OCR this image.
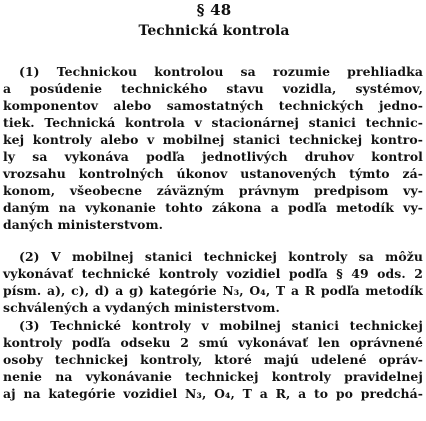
§ 48
Technická kontrola
(1) Technickou kontrolou sa rozumie prehliadka
a posúdenie technického stavu vozidla, systémov,
komponentov alebo samostatných technických jedno-
tiek. Technická kontrola v stacionárnej stanici technic-
kej kontroly alebo v mobilnej stanici technickej kontro-
ly sa vykonáva podľa jednotlivých druhov kontrol
vrozsahu kontrolných úkonov ustanovených týmto zá-
konom, všeobecne záväzným právnym predpisom vy-
daným na vykonanie tohto zákona a podľa metodík vy-
daných ministerstvom.
(2) V mobilnej stanici technickej kontroly sa môžu
vykonávať technické kontroly vozidiel podľa § 49 ods. 2
písm. a), c), d) a g) kategórie N₃, O₄, T a R podľa metodík
schválených a vydaných ministerstvom.
(3) Technické kontroly v mobilnej stanici technickej
kontroly podľa odseku 2 smú vykonávať len oprávnené
osoby technickej kontroly, ktoré majú udelené opráv-
nenie na vykonávanie technickej kontroly pravidelnej
aj na kategórie vozidiel N₃, O₄, T a R, a to po predchá-
